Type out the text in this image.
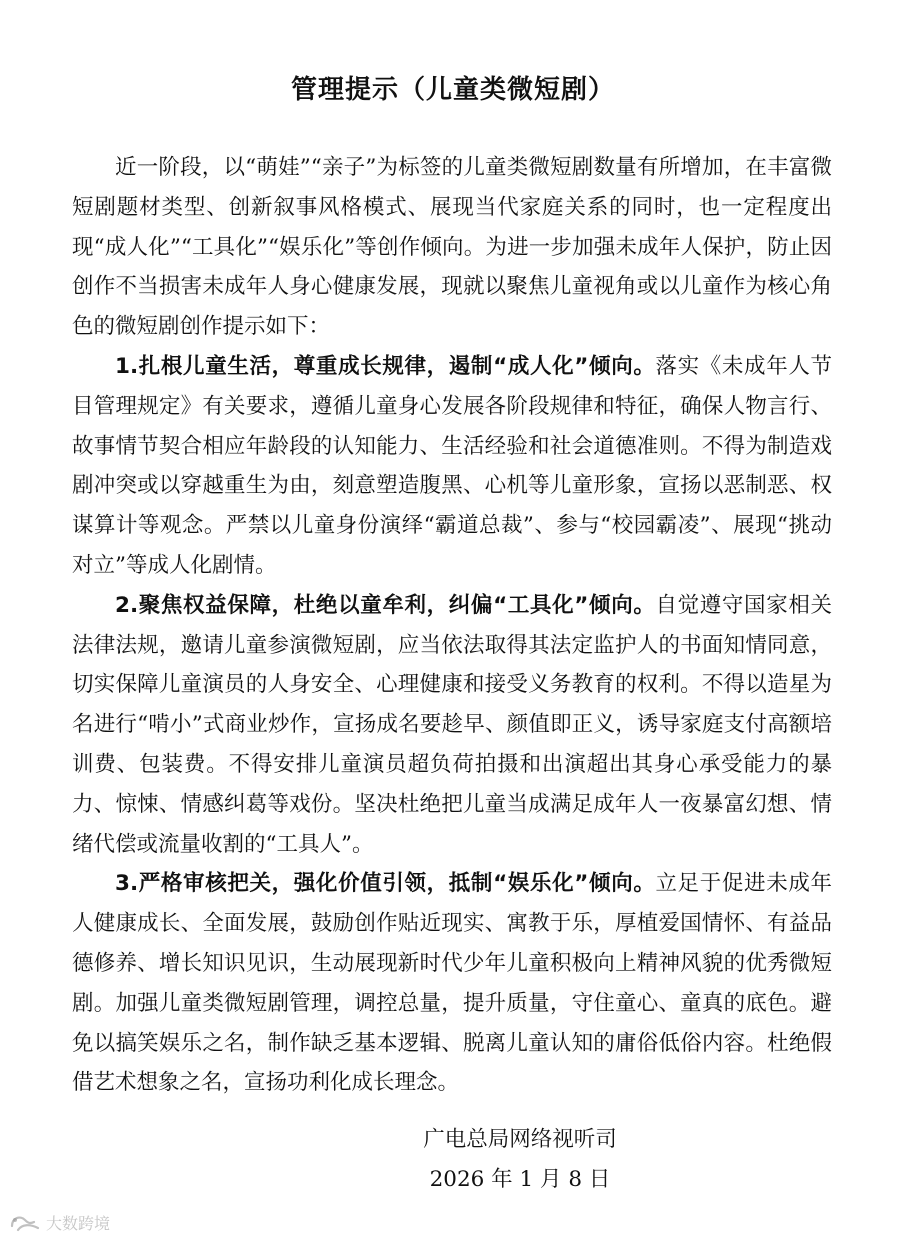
管理提示（儿童类微短剧）

近一阶段，以“萌娃”“亲子”为标签的儿童类微短剧数量有所增加，在丰富微短剧题材类型、创新叙事风格模式、展现当代家庭关系的同时，也一定程度出现“成人化”“工具化”“娱乐化”等创作倾向。为进一步加强未成年人保护，防止因创作不当损害未成年人身心健康发展，现就以聚焦儿童视角或以儿童作为核心角色的微短剧创作提示如下：

1.扎根儿童生活，尊重成长规律，遏制“成人化”倾向。落实《未成年人节目管理规定》有关要求，遵循儿童身心发展各阶段规律和特征，确保人物言行、故事情节契合相应年龄段的认知能力、生活经验和社会道德准则。不得为制造戏剧冲突或以穿越重生为由，刻意塑造腹黑、心机等儿童形象，宣扬以恶制恶、权谋算计等观念。严禁以儿童身份演绎“霸道总裁”、参与“校园霸凌”、展现“挑动对立”等成人化剧情。

2.聚焦权益保障，杜绝以童牟利，纠偏“工具化”倾向。自觉遵守国家相关法律法规，邀请儿童参演微短剧，应当依法取得其法定监护人的书面知情同意，切实保障儿童演员的人身安全、心理健康和接受义务教育的权利。不得以造星为名进行“啃小”式商业炒作，宣扬成名要趁早、颜值即正义，诱导家庭支付高额培训费、包装费。不得安排儿童演员超负荷拍摄和出演超出其身心承受能力的暴力、惊悚、情感纠葛等戏份。坚决杜绝把儿童当成满足成年人一夜暴富幻想、情绪代偿或流量收割的“工具人”。

3.严格审核把关，强化价值引领，抵制“娱乐化”倾向。立足于促进未成年人健康成长、全面发展，鼓励创作贴近现实、寓教于乐，厚植爱国情怀、有益品德修养、增长知识见识，生动展现新时代少年儿童积极向上精神风貌的优秀微短剧。加强儿童类微短剧管理，调控总量，提升质量，守住童心、童真的底色。避免以搞笑娱乐之名，制作缺乏基本逻辑、脱离儿童认知的庸俗低俗内容。杜绝假借艺术想象之名，宣扬功利化成长理念。

广电总局网络视听司
2026 年 1 月 8 日
大数跨境
